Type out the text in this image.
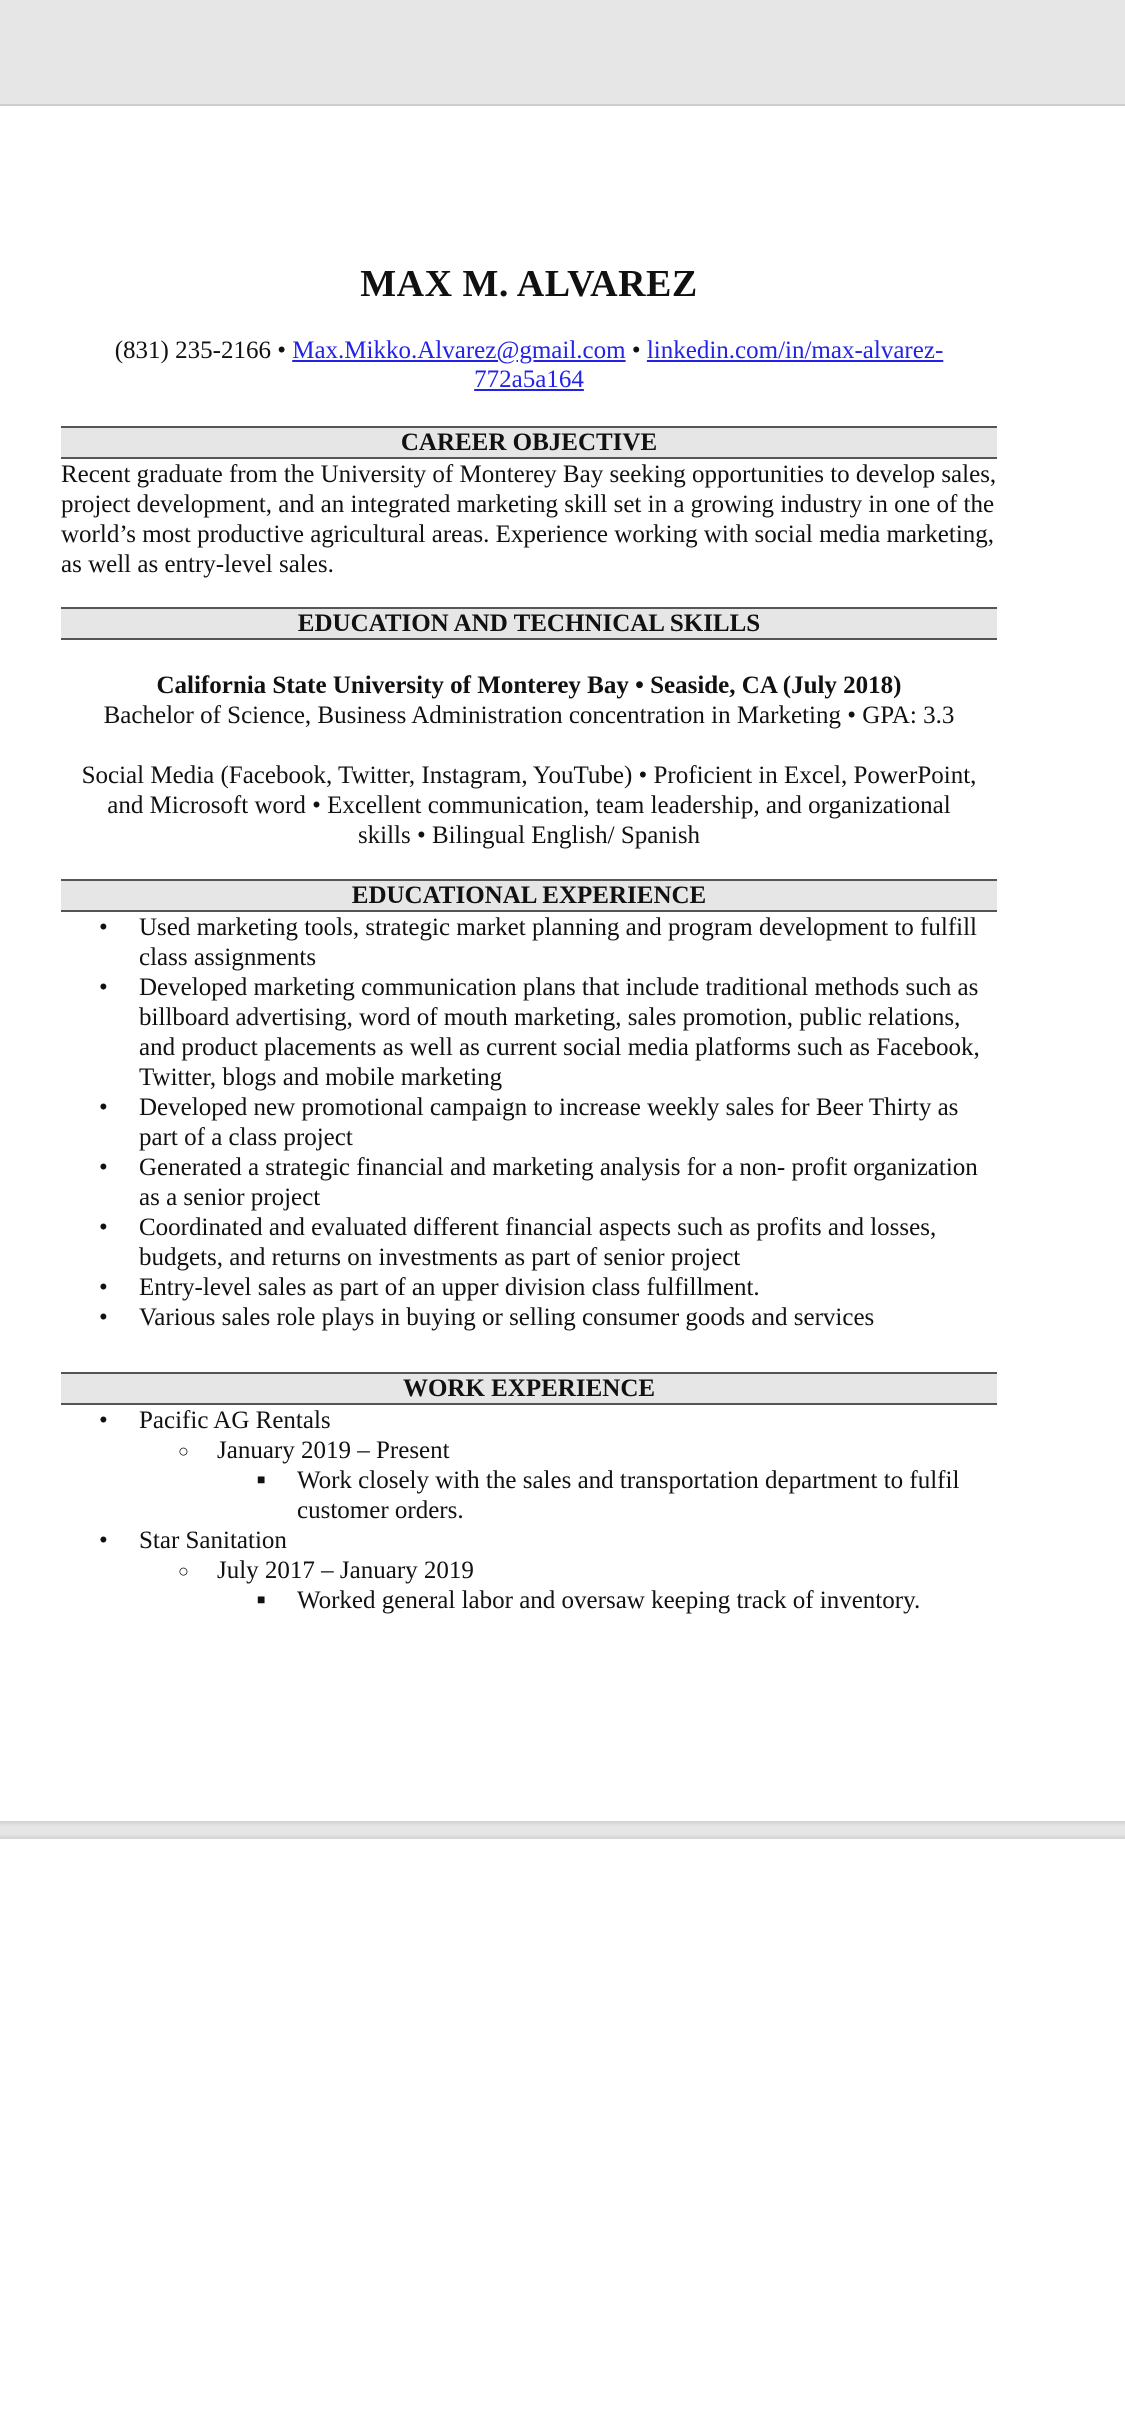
MAX M. ALVAREZ
(831) 235-2166 • Max.Mikko.Alvarez@gmail.com • linkedin.com/in/max-alvarez-
772a5a164
CAREER OBJECTIVE
Recent graduate from the University of Monterey Bay seeking opportunities to develop sales, project development, and an integrated marketing skill set in a growing industry in one of the world’s most productive agricultural areas. Experience working with social media marketing, as well as entry-level sales.
EDUCATION AND TECHNICAL SKILLS
California State University of Monterey Bay • Seaside, CA (July 2018)
Bachelor of Science, Business Administration concentration in Marketing • GPA: 3.3
Social Media (Facebook, Twitter, Instagram, YouTube) • Proficient in Excel, PowerPoint, and Microsoft word • Excellent communication, team leadership, and organizational skills • Bilingual English/ Spanish
EDUCATIONAL EXPERIENCE
• Used marketing tools, strategic market planning and program development to fulfill class assignments
• Developed marketing communication plans that include traditional methods such as billboard advertising, word of mouth marketing, sales promotion, public relations, and product placements as well as current social media platforms such as Facebook, Twitter, blogs and mobile marketing
• Developed new promotional campaign to increase weekly sales for Beer Thirty as part of a class project
• Generated a strategic financial and marketing analysis for a non- profit organization as a senior project
• Coordinated and evaluated different financial aspects such as profits and losses, budgets, and returns on investments as part of senior project
• Entry-level sales as part of an upper division class fulfillment.
• Various sales role plays in buying or selling consumer goods and services
WORK EXPERIENCE
• Pacific AG Rentals
○ January 2019 – Present
■ Work closely with the sales and transportation department to fulfil customer orders.
• Star Sanitation
○ July 2017 – January 2019
■ Worked general labor and oversaw keeping track of inventory.
